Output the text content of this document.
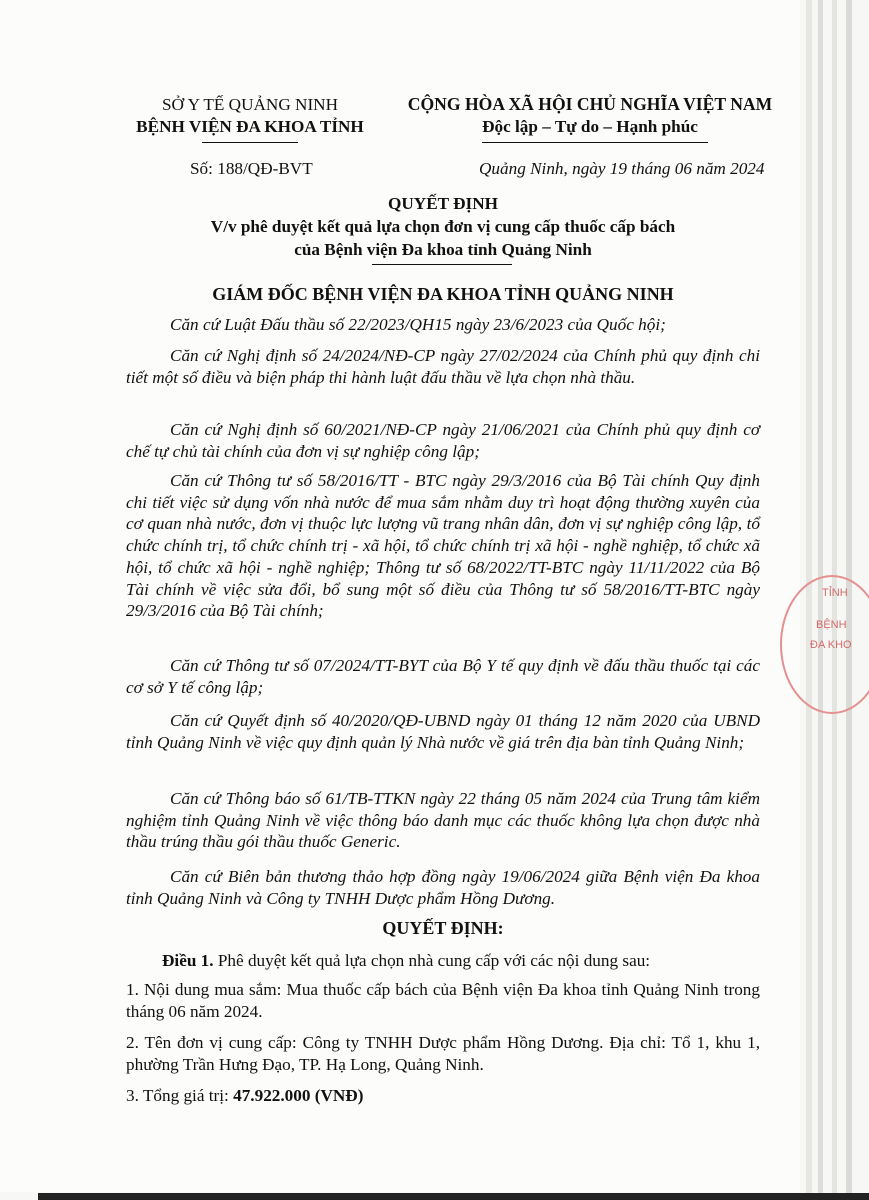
SỞ Y TẾ QUẢNG NINH
BỆNH VIỆN ĐA KHOA TỈNH
CỘNG HÒA XÃ HỘI CHỦ NGHĨA VIỆT NAM
Độc lập – Tự do – Hạnh phúc
Số: 188/QĐ-BVT	Quảng Ninh, ngày 19 tháng 06 năm 2024
QUYẾT ĐỊNH
V/v phê duyệt kết quả lựa chọn đơn vị cung cấp thuốc cấp bách
của Bệnh viện Đa khoa tỉnh Quảng Ninh
GIÁM ĐỐC BỆNH VIỆN ĐA KHOA TỈNH QUẢNG NINH
Căn cứ Luật Đấu thầu số 22/2023/QH15 ngày 23/6/2023 của Quốc hội;
Căn cứ Nghị định số 24/2024/NĐ-CP ngày 27/02/2024 của Chính phủ quy định chi tiết một số điều và biện pháp thi hành luật đấu thầu về lựa chọn nhà thầu.
Căn cứ Nghị định số 60/2021/NĐ-CP ngày 21/06/2021 của Chính phủ quy định cơ chế tự chủ tài chính của đơn vị sự nghiệp công lập;
Căn cứ Thông tư số 58/2016/TT - BTC ngày 29/3/2016 của Bộ Tài chính Quy định chi tiết việc sử dụng vốn nhà nước để mua sắm nhằm duy trì hoạt động thường xuyên của cơ quan nhà nước, đơn vị thuộc lực lượng vũ trang nhân dân, đơn vị sự nghiệp công lập, tổ chức chính trị, tổ chức chính trị - xã hội, tổ chức chính trị xã hội - nghề nghiệp, tổ chức xã hội, tổ chức xã hội - nghề nghiệp; Thông tư số 68/2022/TT-BTC ngày 11/11/2022 của Bộ Tài chính về việc sửa đổi, bổ sung một số điều của Thông tư số 58/2016/TT-BTC ngày 29/3/2016 của Bộ Tài chính;
Căn cứ Thông tư số 07/2024/TT-BYT của Bộ Y tế quy định về đấu thầu thuốc tại các cơ sở Y tế công lập;
Căn cứ Quyết định số 40/2020/QĐ-UBND ngày 01 tháng 12 năm 2020 của UBND tỉnh Quảng Ninh về việc quy định quản lý Nhà nước về giá trên địa bàn tỉnh Quảng Ninh;
Căn cứ Thông báo số 61/TB-TTKN ngày 22 tháng 05 năm 2024 của Trung tâm kiểm nghiệm tỉnh Quảng Ninh về việc thông báo danh mục các thuốc không lựa chọn được nhà thầu trúng thầu gói thầu thuốc Generic.
Căn cứ Biên bản thương thảo hợp đồng ngày 19/06/2024 giữa Bệnh viện Đa khoa tỉnh Quảng Ninh và Công ty TNHH Dược phẩm Hồng Dương.
QUYẾT ĐỊNH:
Điều 1. Phê duyệt kết quả lựa chọn nhà cung cấp với các nội dung sau:
1. Nội dung mua sắm: Mua thuốc cấp bách của Bệnh viện Đa khoa tỉnh Quảng Ninh trong tháng 06 năm 2024.
2. Tên đơn vị cung cấp: Công ty TNHH Dược phẩm Hồng Dương. Địa chỉ: Tổ 1, khu 1, phường Trần Hưng Đạo, TP. Hạ Long, Quảng Ninh.
3. Tổng giá trị: 47.922.000 (VNĐ)
TỈNH
BỆNH
ĐA KHO
